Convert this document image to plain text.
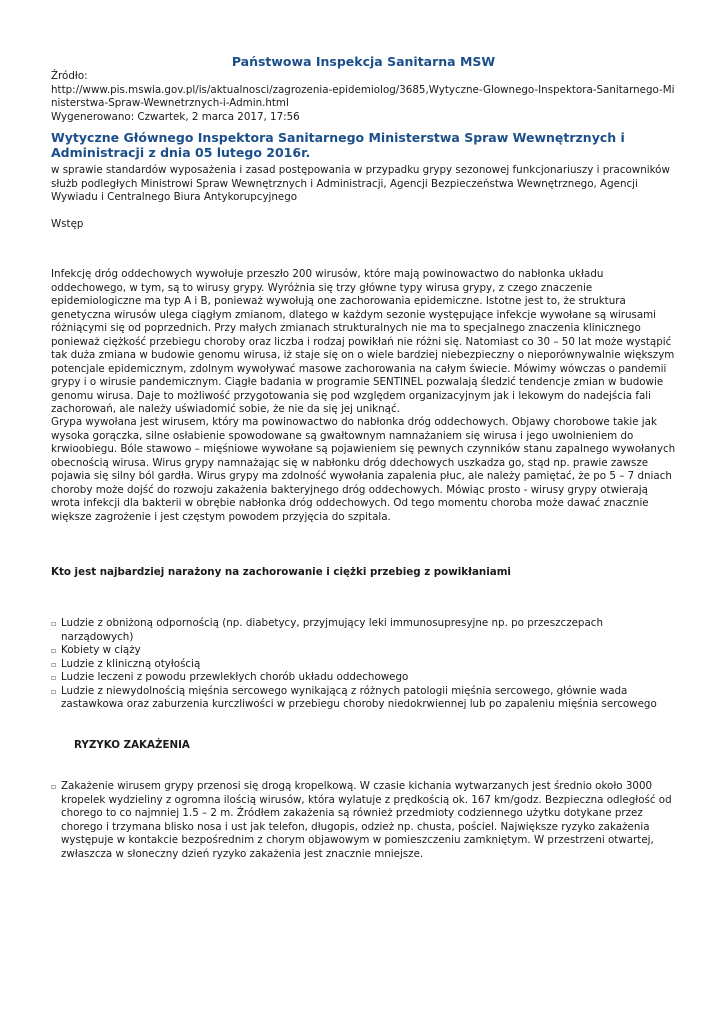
Państwowa Inspekcja Sanitarna MSW
Źródło:
http://www.pis.mswia.gov.pl/is/aktualnosci/zagrozenia-epidemiolog/3685,Wytyczne-Glownego-Inspektora-Sanitarnego-Ministerstwa-Spraw-Wewnetrznych-i-Admin.html
Wygenerowano: Czwartek, 2 marca 2017, 17:56
Wytyczne Głównego Inspektora Sanitarnego Ministerstwa Spraw Wewnętrznych i Administracji z dnia 05 lutego 2016r.
w sprawie standardów wyposażenia i zasad postępowania w przypadku grypy sezonowej funkcjonariuszy i pracowników służb podległych Ministrowi Spraw Wewnętrznych i Administracji, Agencji Bezpieczeństwa Wewnętrznego, Agencji Wywiadu i Centralnego Biura Antykorupcyjnego
Wstęp
Infekcję dróg oddechowych wywołuje przeszło 200 wirusów, które mają powinowactwo do nabłonka układu oddechowego, w tym, są to wirusy grypy. Wyróżnia się trzy główne typy wirusa grypy, z czego znaczenie epidemiologiczne ma typ A i B, ponieważ wywołują one zachorowania epidemiczne. Istotne jest to, że struktura genetyczna wirusów ulega ciągłym zmianom, dlatego w każdym sezonie występujące infekcje wywołane są wirusami różniącymi się od poprzednich. Przy małych zmianach strukturalnych nie ma to specjalnego znaczenia klinicznego ponieważ ciężkość przebiegu choroby oraz liczba i rodzaj powikłań nie różni się. Natomiast co 30 – 50 lat może wystąpić tak duża zmiana w budowie genomu wirusa, iż staje się on o wiele bardziej niebezpieczny o nieporównywalnie większym potencjale epidemicznym, zdolnym wywoływać masowe zachorowania na całym świecie. Mówimy wówczas o pandemii grypy i o wirusie pandemicznym. Ciągłe badania w programie SENTINEL pozwalają śledzić tendencje zmian w budowie genomu wirusa. Daje to możliwość przygotowania się pod względem organizacyjnym jak i lekowym do nadejścia fali zachorowań, ale należy uświadomić sobie, że nie da się jej uniknąć.
Grypa wywołana jest wirusem, który ma powinowactwo do nabłonka dróg oddechowych. Objawy chorobowe takie jak wysoka gorączka, silne osłabienie spowodowane są gwałtownym namnażaniem się wirusa i jego uwolnieniem do krwioobiegu. Bóle stawowo – mięśniowe wywołane są pojawieniem się pewnych czynników stanu zapalnego wywołanych obecnością wirusa. Wirus grypy namnażając się w nabłonku dróg ddechowych uszkadza go, stąd np. prawie zawsze pojawia się silny ból gardła. Wirus grypy ma zdolność wywołania zapalenia płuc, ale należy pamiętać, że po 5 – 7 dniach choroby może dojść do rozwoju zakażenia bakteryjnego dróg oddechowych. Mówiąc prosto - wirusy grypy otwierają wrota infekcji dla bakterii w obrębie nabłonka dróg oddechowych. Od tego momentu choroba może dawać znacznie większe zagrożenie i jest częstym powodem przyjęcia do szpitala.
Kto jest najbardziej narażony na zachorowanie i ciężki przebieg z powikłaniami
▫ Ludzie z obniżoną odpornością (np. diabetycy, przyjmujący leki immunosupresyjne np. po przeszczepach narządowych)
▫ Kobiety w ciąży
▫ Ludzie z kliniczną otyłością
▫ Ludzie leczeni z powodu przewlekłych chorób układu oddechowego
▫ Ludzie z niewydolnością mięśnia sercowego wynikającą z różnych patologii mięśnia sercowego, głównie wada zastawkowa oraz zaburzenia kurczliwości w przebiegu choroby niedokrwiennej lub po zapaleniu mięśnia sercowego
RYZYKO ZAKAŻENIA
▫ Zakażenie wirusem grypy przenosi się drogą kropelkową. W czasie kichania wytwarzanych jest średnio około 3000 kropelek wydzieliny z ogromna ilością wirusów, która wylatuje z prędkością ok. 167 km/godz. Bezpieczna odległość od chorego to co najmniej 1.5 – 2 m. Źródłem zakażenia są również przedmioty codziennego użytku dotykane przez chorego i trzymana blisko nosa i ust jak telefon, długopis, odzież np. chusta, pościel. Największe ryzyko zakażenia występuje w kontakcie bezpośrednim z chorym objawowym w pomieszczeniu zamkniętym. W przestrzeni otwartej, zwłaszcza w słoneczny dzień ryzyko zakażenia jest znacznie mniejsze.
